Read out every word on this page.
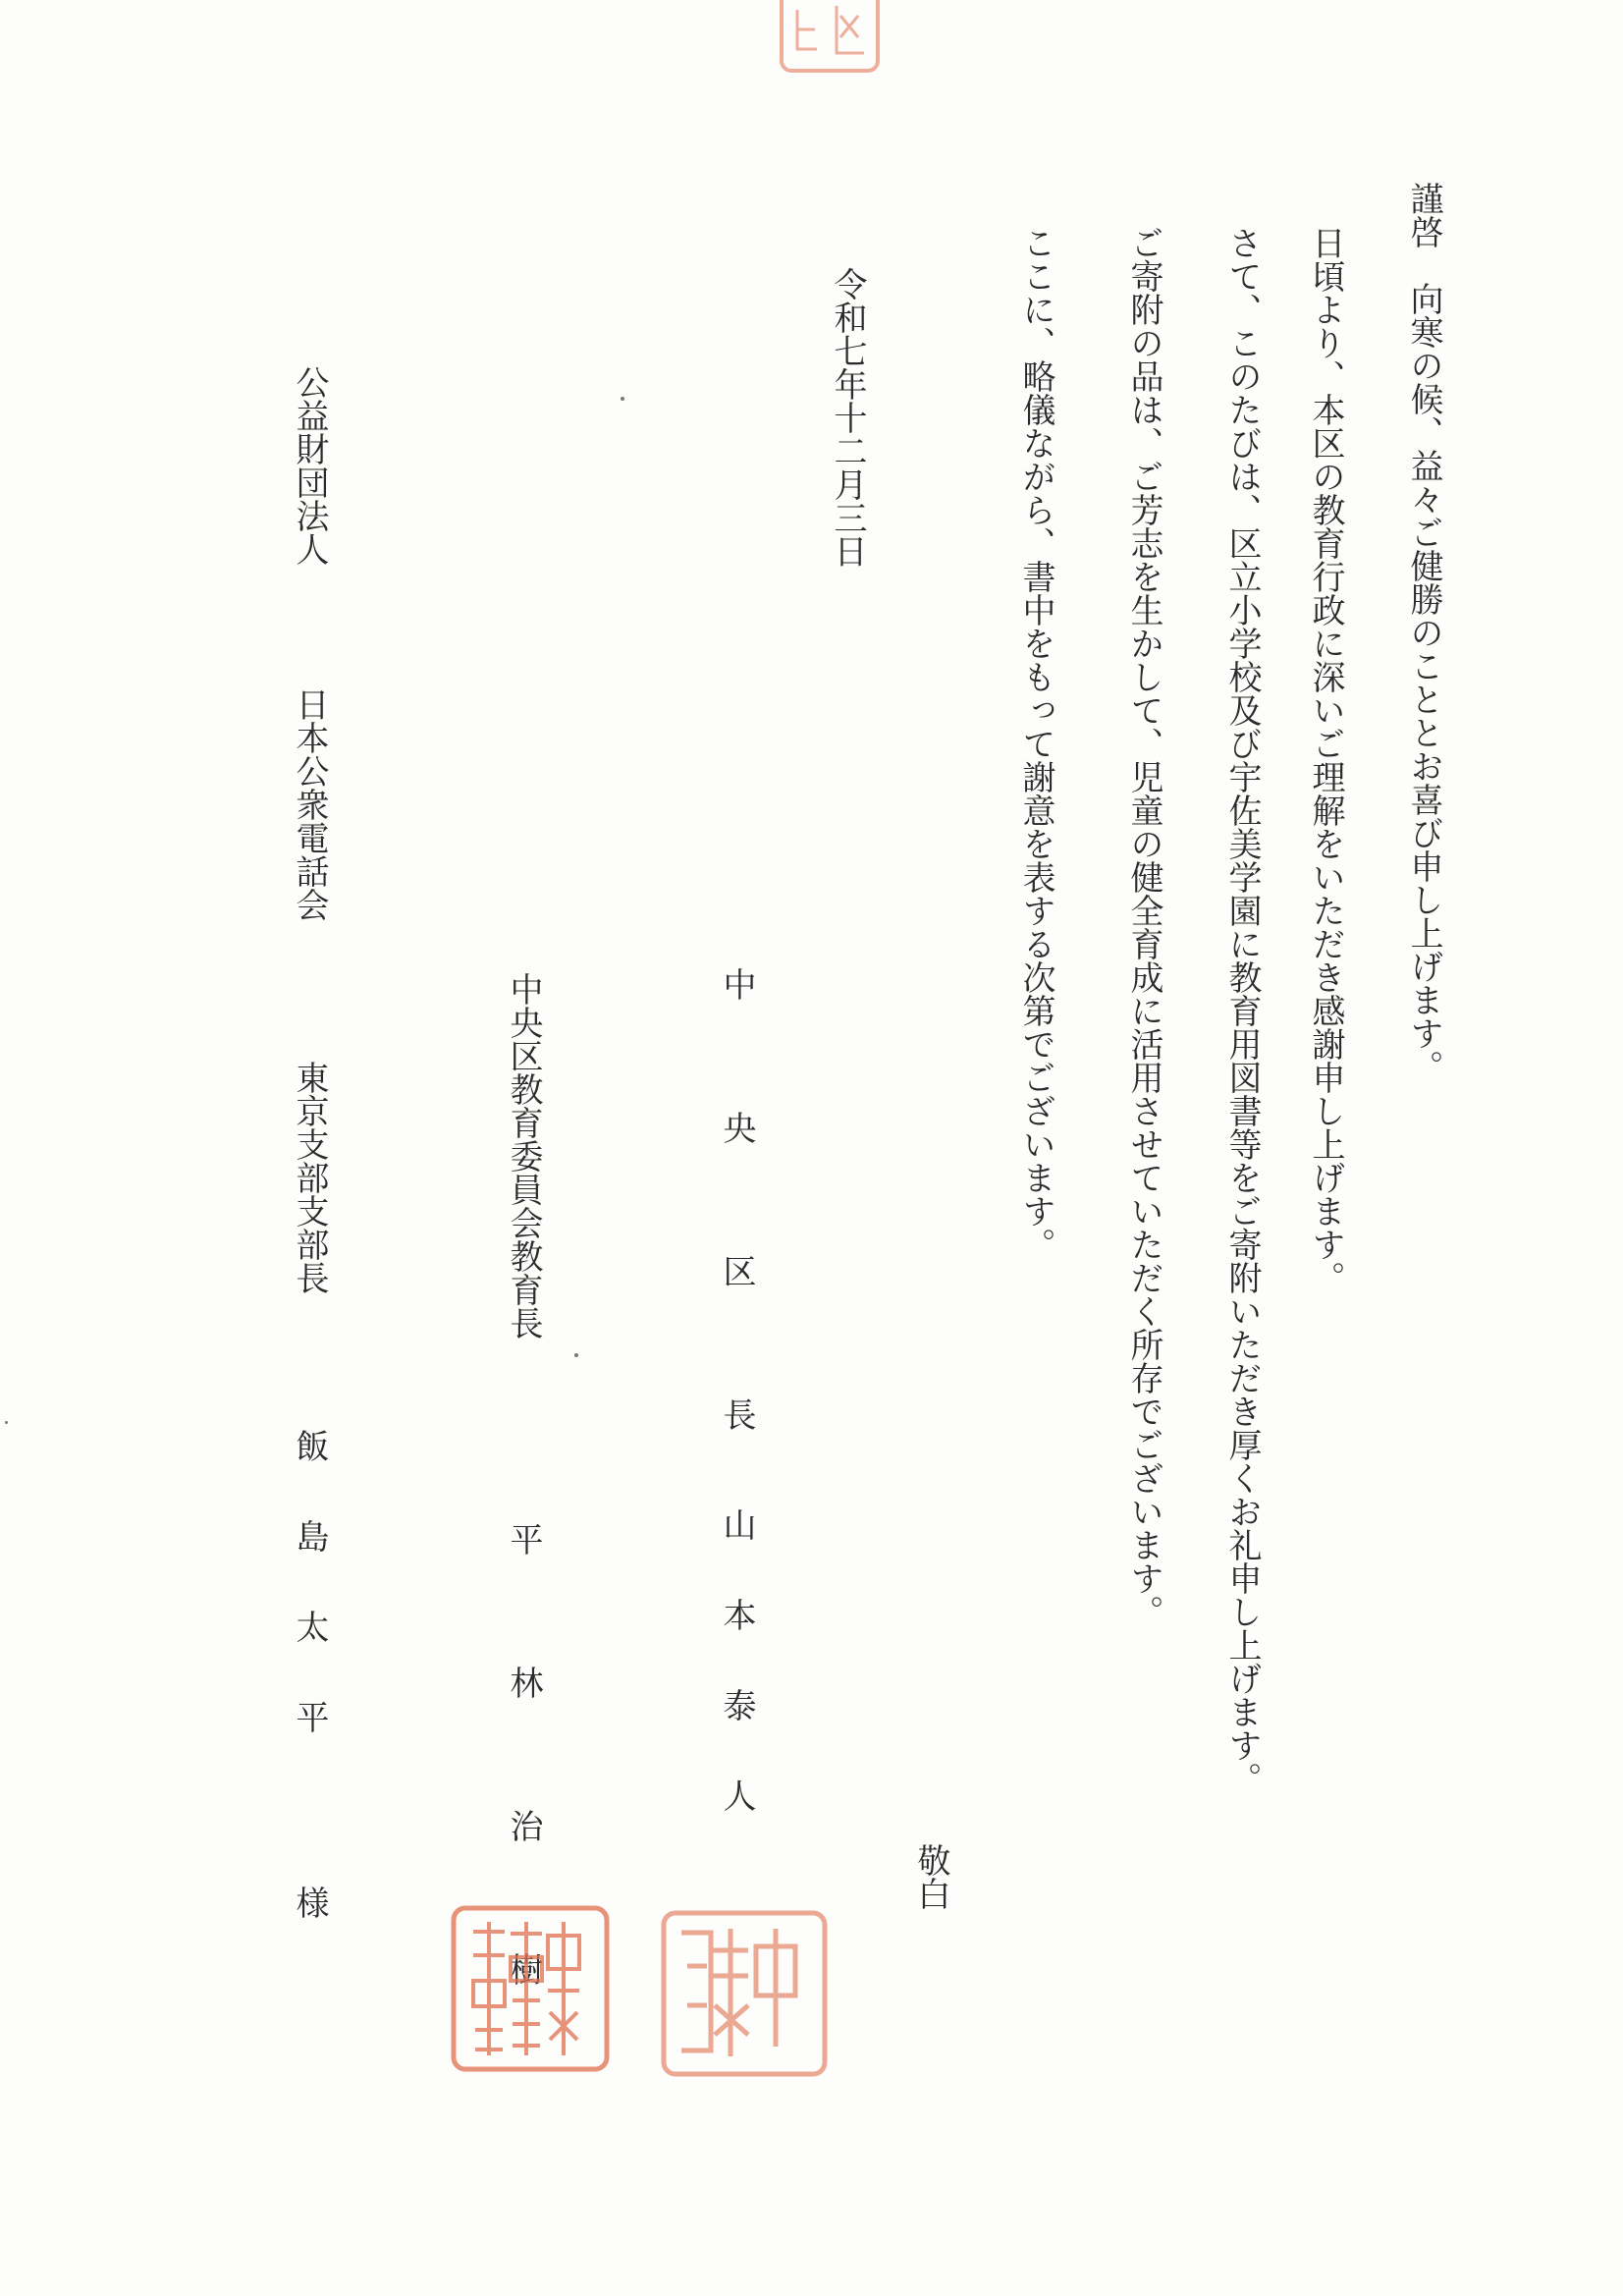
謹啓　向寒の候、益々ご健勝のこととお喜び申し上げます。
日頃より、本区の教育行政に深いご理解をいただき感謝申し上げます。
さて、このたびは、区立小学校及び宇佐美学園に教育用図書等をご寄附いただき厚くお礼申し上げます。
ご寄附の品は、ご芳志を生かして、児童の健全育成に活用させていただく所存でございます。
ここに、略儀ながら、書中をもって謝意を表する次第でございます。
敬白
令和七年十二月三日
中央区長
山本泰人
中央区教育委員会教育長
平林治樹
公益財団法人
日本公衆電話会
東京支部支部長
飯島太平
様
